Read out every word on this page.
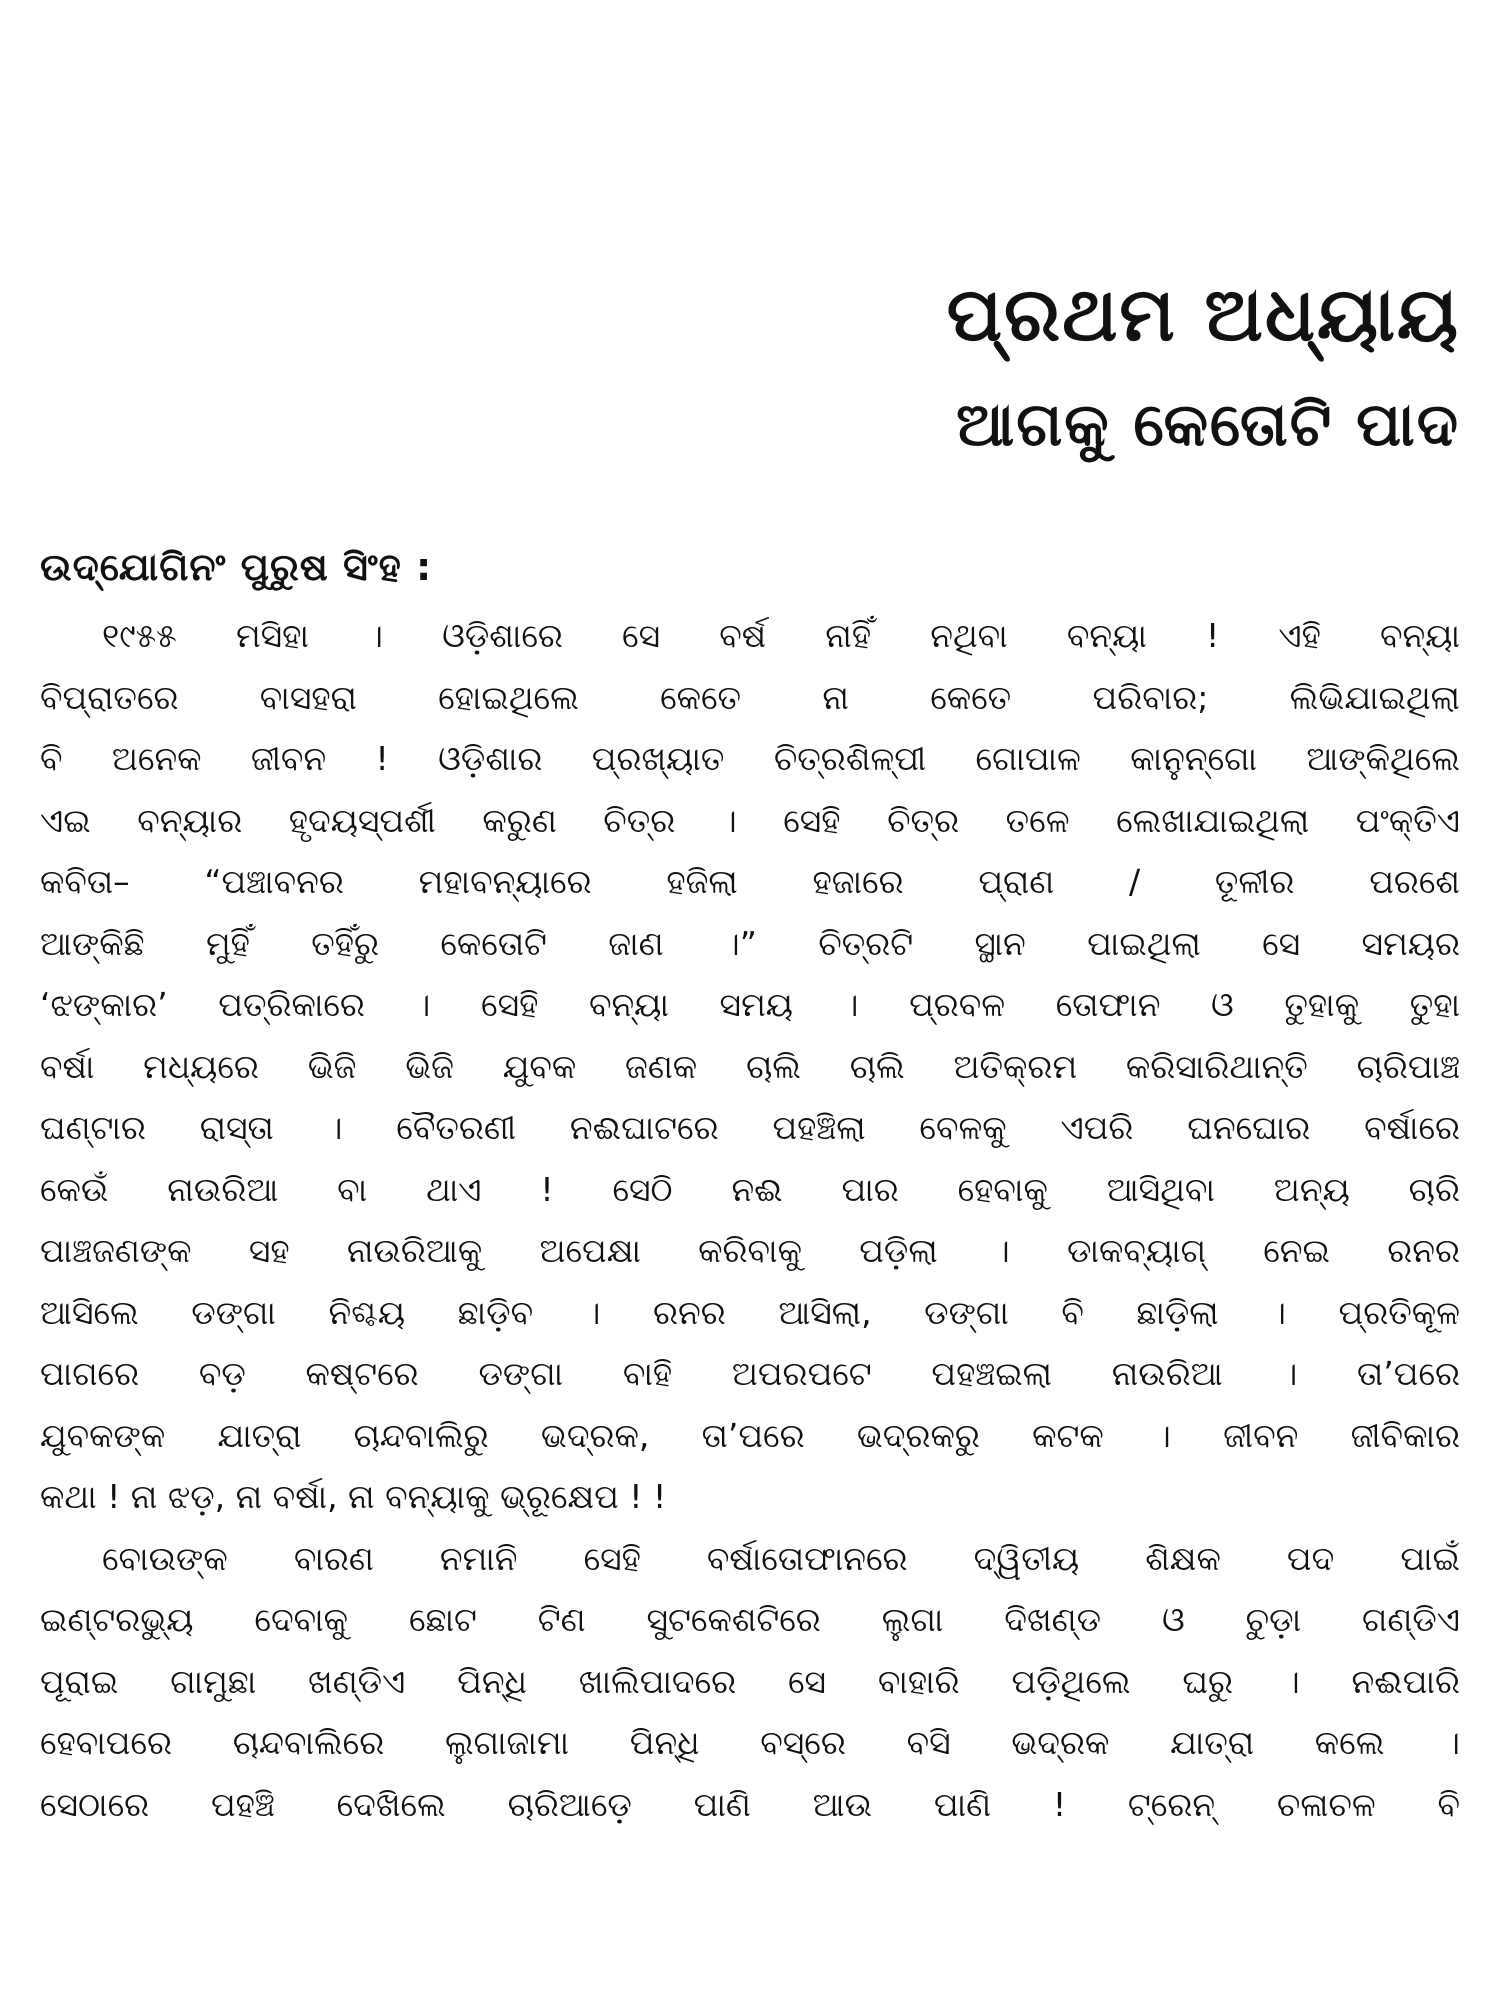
ପ୍ରଥମ ଅଧ୍ୟାୟ
ଆଗକୁ କେତୋଟି ପାଦ
ଉଦ୍‌ଯୋଗିନଂ ପୁରୁଷ ସିଂହ :
୧୯୫୫ ମସିହା । ଓଡ଼ିଶାରେ ସେ ବର୍ଷ ନାହିଁ ନଥିବା ବନ୍ୟା ! ଏହି ବନ୍ୟା
ବିପ୍ରାତରେ ବାସହରା ହୋଇଥିଲେ କେତେ ନା କେତେ ପରିବାର; ଲିଭିଯାଇଥିଲା
ବି ଅନେକ ଜୀବନ ! ଓଡ଼ିଶାର ପ୍ରଖ୍ୟାତ ଚିତ୍ରଶିଳ୍ପୀ ଗୋପାଳ କାନୁନ୍‌ଗୋ ଆଙ୍କିଥିଲେ
ଏଇ ବନ୍ୟାର ହୃଦୟସ୍ପର୍ଶୀ କରୁଣ ଚିତ୍ର । ସେହି ଚିତ୍ର ତଳେ ଲେଖାଯାଇଥିଲା ପଂକ୍ତିଏ
କବିତା– “ପଞ୍ଚାବନର ମହାବନ୍ୟାରେ ହଜିଲା ହଜାରେ ପ୍ରାଣ / ତୂଳୀର ପରଶେ
ଆଙ୍କିଛି ମୁହିଁ ତହିଁରୁ କେତୋଟି ଜାଣ ।” ଚିତ୍ରଟି ସ୍ଥାନ ପାଇଥିଲା ସେ ସମୟର
‘ଝଙ୍କାର’ ପତ୍ରିକାରେ । ସେହି ବନ୍ୟା ସମୟ । ପ୍ରବଳ ତୋଫାନ ଓ ତୁହାକୁ ତୁହା
ବର୍ଷା ମଧ୍ୟରେ ଭିଜି ଭିଜି ଯୁବକ ଜଣକ ଚାଲି ଚାଲି ଅତିକ୍ରମ କରିସାରିଥାନ୍ତି ଚାରିପାଞ୍ଚ
ଘଣ୍ଟାର ରାସ୍ତା । ବୈତରଣୀ ନଈଘାଟରେ ପହଞ୍ଚିଲା ବେଳକୁ ଏପରି ଘନଘୋର ବର୍ଷାରେ
କେଉଁ ନାଉରିଆ ବା ଥାଏ ! ସେଠି ନଈ ପାର ହେବାକୁ ଆସିଥିବା ଅନ୍ୟ ଚାରି
ପାଞ୍ଚଜଣଙ୍କ ସହ ନାଉରିଆକୁ ଅପେକ୍ଷା କରିବାକୁ ପଡ଼ିଲା । ଡାକବ୍ୟାଗ୍ ନେଇ ରନର
ଆସିଲେ ଡଙ୍ଗା ନିଶ୍ଚୟ ଛାଡ଼ିବ । ରନର ଆସିଲା, ଡଙ୍ଗା ବି ଛାଡ଼ିଲା । ପ୍ରତିକୂଳ
ପାଗରେ ବଡ଼ କଷ୍ଟରେ ଡଙ୍ଗା ବାହି ଅପରପଟେ ପହଞ୍ଚଇଲା ନାଉରିଆ । ତା’ପରେ
ଯୁବକଙ୍କ ଯାତ୍ରା ଚାନ୍ଦବାଲିରୁ ଭଦ୍ରକ, ତା’ପରେ ଭଦ୍ରକରୁ କଟକ । ଜୀବନ ଜୀବିକାର
କଥା ! ନା ଝଡ଼, ନା ବର୍ଷା, ନା ବନ୍ୟାକୁ ଭ୍ରୂକ୍ଷେପ ! !
ବୋଉଙ୍କ ବାରଣ ନମାନି ସେହି ବର୍ଷାତୋଫାନରେ ଦ୍ୱିତୀୟ ଶିକ୍ଷକ ପଦ ପାଇଁ
ଇଣ୍ଟରଭ୍ୟୁ ଦେବାକୁ ଛୋଟ ଟିଣ ସୁଟକେଶଟିରେ ଲୁଗା ଦିଖଣ୍ଡ ଓ ଚୁଡ଼ା ଗଣ୍ଡିଏ
ପୂରାଇ ଗାମୁଛା ଖଣ୍ଡିଏ ପିନ୍ଧି ଖାଲିପାଦରେ ସେ ବାହାରି ପଡ଼ିଥିଲେ ଘରୁ । ନଈପାରି
ହେବାପରେ ଚାନ୍ଦବାଲିରେ ଲୁଗାଜାମା ପିନ୍ଧି ବସ୍‌ରେ ବସି ଭଦ୍ରକ ଯାତ୍ରା କଲେ ।
ସେଠାରେ ପହଞ୍ଚି ଦେଖିଲେ ଚାରିଆଡ଼େ ପାଣି ଆଉ ପାଣି ! ଟ୍ରେନ୍ ଚଳାଚଳ ବି
